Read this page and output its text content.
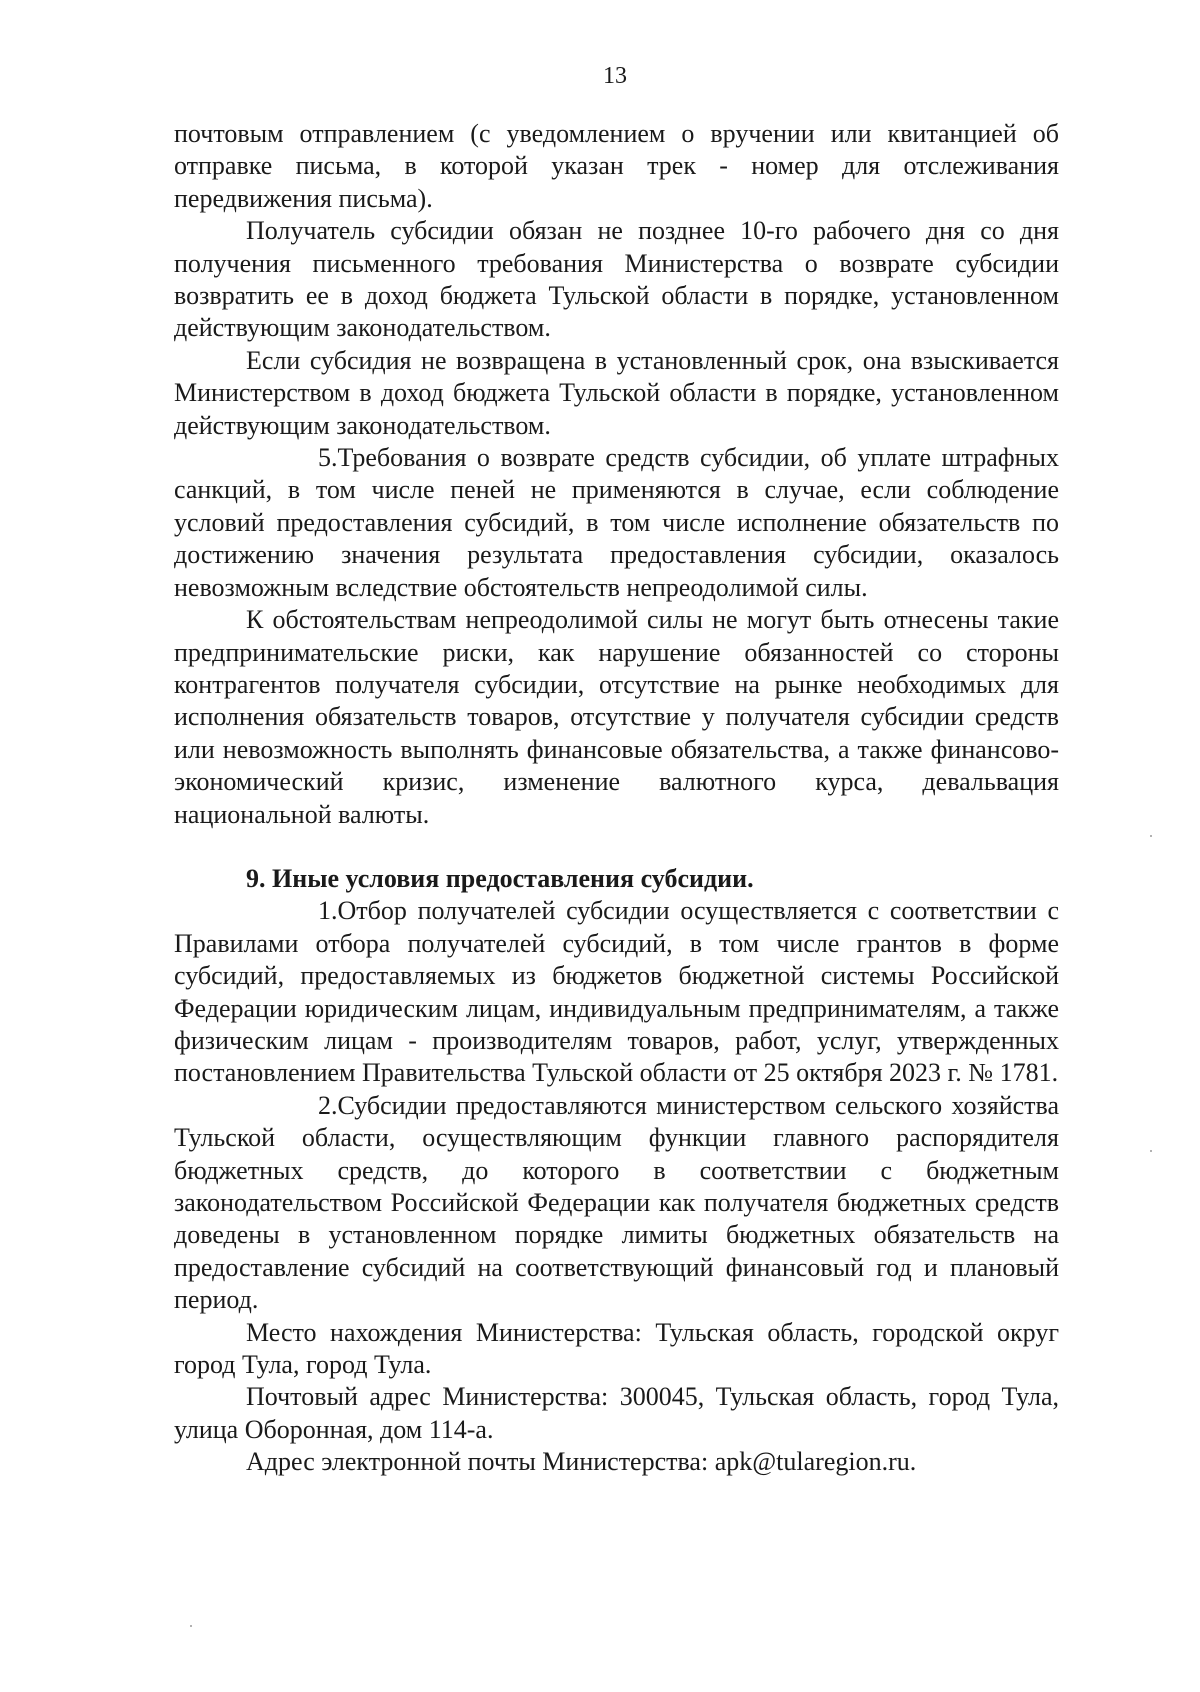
13

почтовым отправлением (с уведомлением о вручении или квитанцией об отправке письма, в которой указан трек - номер для отслеживания передвижения письма).

Получатель субсидии обязан не позднее 10-го рабочего дня со дня получения письменного требования Министерства о возврате субсидии возвратить ее в доход бюджета Тульской области в порядке, установленном действующим законодательством.

Если субсидия не возвращена в установленный срок, она взыскивается Министерством в доход бюджета Тульской области в порядке, установленном действующим законодательством.

5.Требования о возврате средств субсидии, об уплате штрафных санкций, в том числе пеней не применяются в случае, если соблюдение условий предоставления субсидий, в том числе исполнение обязательств по достижению значения результата предоставления субсидии, оказалось невозможным вследствие обстоятельств непреодолимой силы.

К обстоятельствам непреодолимой силы не могут быть отнесены такие предпринимательские риски, как нарушение обязанностей со стороны контрагентов получателя субсидии, отсутствие на рынке необходимых для исполнения обязательств товаров, отсутствие у получателя субсидии средств или невозможность выполнять финансовые обязательства, а также финансово-экономический кризис, изменение валютного курса, девальвация национальной валюты.

9. Иные условия предоставления субсидии.

1.Отбор получателей субсидии осуществляется с соответствии с Правилами отбора получателей субсидий, в том числе грантов в форме субсидий, предоставляемых из бюджетов бюджетной системы Российской Федерации юридическим лицам, индивидуальным предпринимателям, а также физическим лицам - производителям товаров, работ, услуг, утвержденных постановлением Правительства Тульской области от 25 октября 2023 г. № 1781.

2.Субсидии предоставляются министерством сельского хозяйства Тульской области, осуществляющим функции главного распорядителя бюджетных средств, до которого в соответствии с бюджетным законодательством Российской Федерации как получателя бюджетных средств доведены в установленном порядке лимиты бюджетных обязательств на предоставление субсидий на соответствующий финансовый год и плановый период.

Место нахождения Министерства: Тульская область, городской округ город Тула, город Тула.

Почтовый адрес Министерства: 300045, Тульская область, город Тула, улица Оборонная, дом 114-а.

Адрес электронной почты Министерства: apk@tularegion.ru.
